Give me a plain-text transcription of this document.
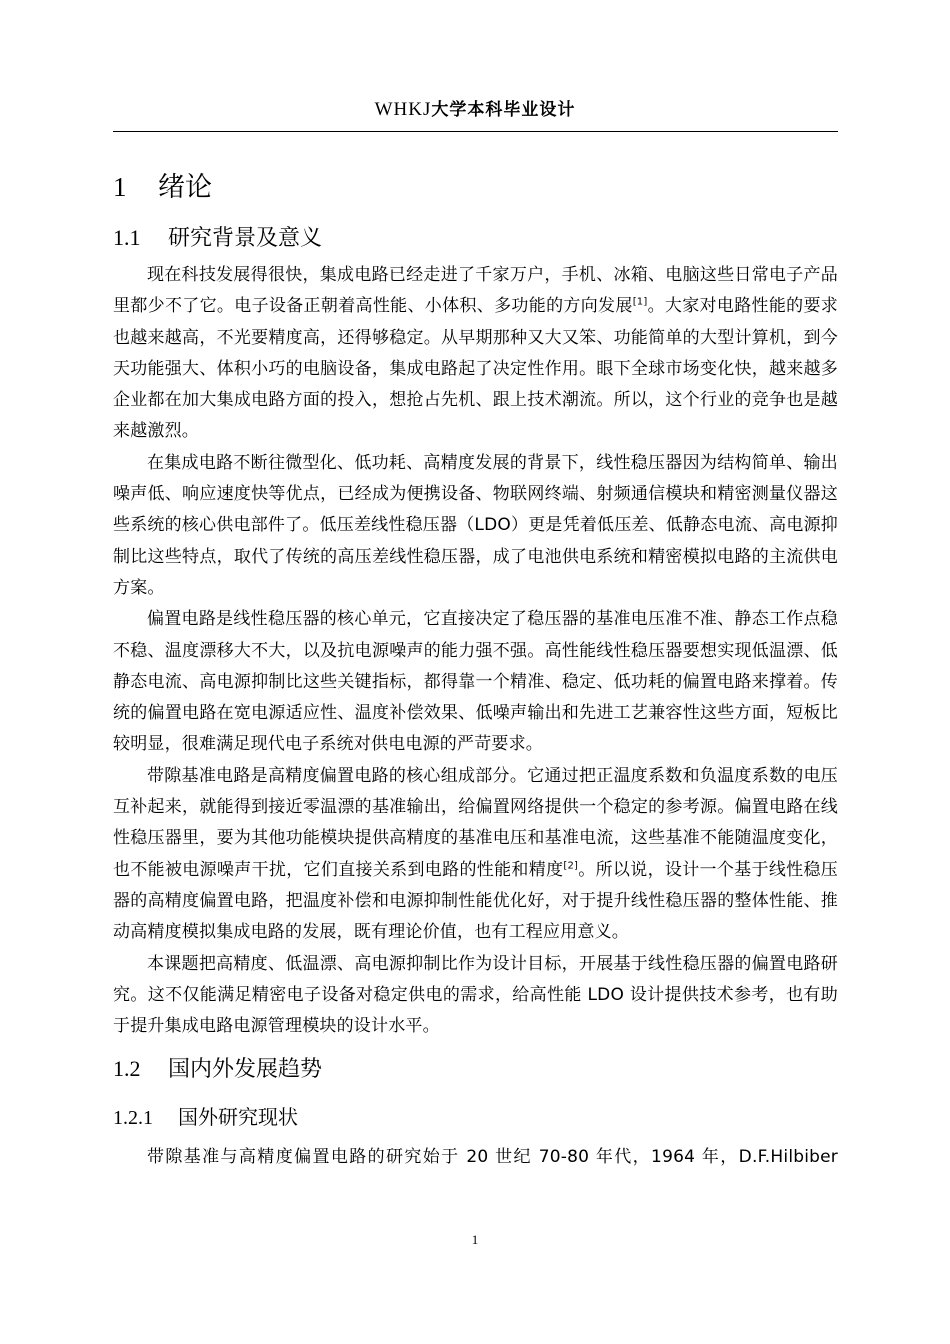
WHKJ大学本科毕业设计
1 绪论
1.1 研究背景及意义

现在科技发展得很快，集成电路已经走进了千家万户，手机、冰箱、电脑这些日常电子产品里都少不了它。电子设备正朝着高性能、小体积、多功能的方向发展[1]。大家对电路性能的要求也越来越高，不光要精度高，还得够稳定。从早期那种又大又笨、功能简单的大型计算机，到今天功能强大、体积小巧的电脑设备，集成电路起了决定性作用。眼下全球市场变化快，越来越多企业都在加大集成电路方面的投入，想抢占先机、跟上技术潮流。所以，这个行业的竞争也是越来越激烈。

在集成电路不断往微型化、低功耗、高精度发展的背景下，线性稳压器因为结构简单、输出噪声低、响应速度快等优点，已经成为便携设备、物联网终端、射频通信模块和精密测量仪器这些系统的核心供电部件了。低压差线性稳压器（LDO）更是凭着低压差、低静态电流、高电源抑制比这些特点，取代了传统的高压差线性稳压器，成了电池供电系统和精密模拟电路的主流供电方案。

偏置电路是线性稳压器的核心单元，它直接决定了稳压器的基准电压准不准、静态工作点稳不稳、温度漂移大不大，以及抗电源噪声的能力强不强。高性能线性稳压器要想实现低温漂、低静态电流、高电源抑制比这些关键指标，都得靠一个精准、稳定、低功耗的偏置电路来撑着。传统的偏置电路在宽电源适应性、温度补偿效果、低噪声输出和先进工艺兼容性这些方面，短板比较明显，很难满足现代电子系统对供电电源的严苛要求。

带隙基准电路是高精度偏置电路的核心组成部分。它通过把正温度系数和负温度系数的电压互补起来，就能得到接近零温漂的基准输出，给偏置网络提供一个稳定的参考源。偏置电路在线性稳压器里，要为其他功能模块提供高精度的基准电压和基准电流，这些基准不能随温度变化，也不能被电源噪声干扰，它们直接关系到电路的性能和精度[2]。所以说，设计一个基于线性稳压器的高精度偏置电路，把温度补偿和电源抑制性能优化好，对于提升线性稳压器的整体性能、推动高精度模拟集成电路的发展，既有理论价值，也有工程应用意义。

本课题把高精度、低温漂、高电源抑制比作为设计目标，开展基于线性稳压器的偏置电路研究。这不仅能满足精密电子设备对稳定供电的需求，给高性能 LDO 设计提供技术参考，也有助于提升集成电路电源管理模块的设计水平。

1.2 国内外发展趋势
1.2.1 国外研究现状

带隙基准与高精度偏置电路的研究始于 20 世纪 70-80 年代，1964 年，D.F.Hilbiber

1
